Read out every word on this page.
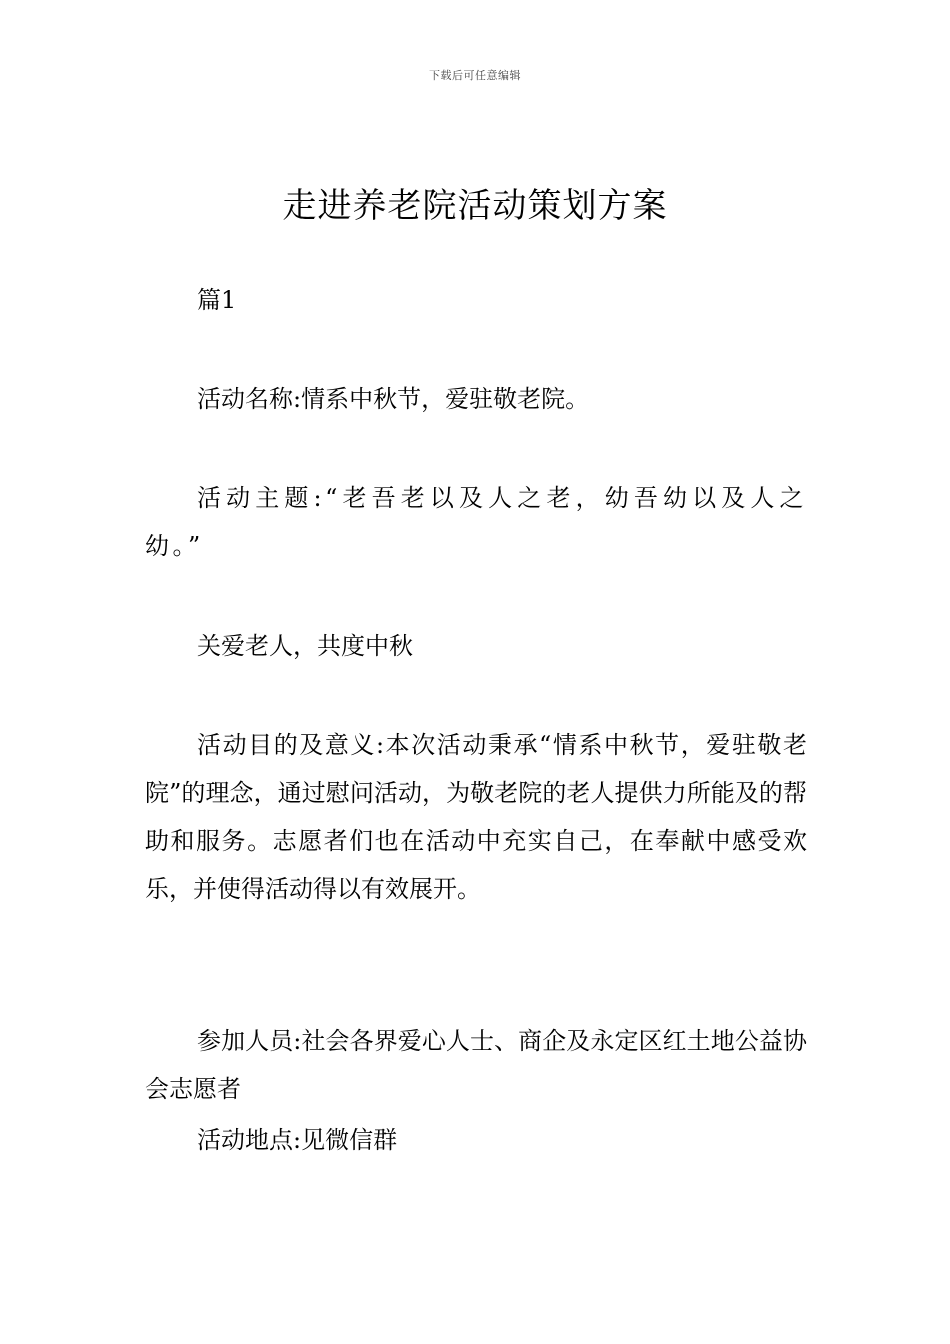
下载后可任意编辑
走进养老院活动策划方案

篇1

活动名称:情系中秋节，爱驻敬老院。

活动主题:“老吾老以及人之老，幼吾幼以及人之幼。”

关爱老人，共度中秋

活动目的及意义:本次活动秉承“情系中秋节，爱驻敬老院”的理念，通过慰问活动，为敬老院的老人提供力所能及的帮助和服务。志愿者们也在活动中充实自己，在奉献中感受欢乐，并使得活动得以有效展开。

参加人员:社会各界爱心人士、商企及永定区红土地公益协会志愿者

活动地点:见微信群
